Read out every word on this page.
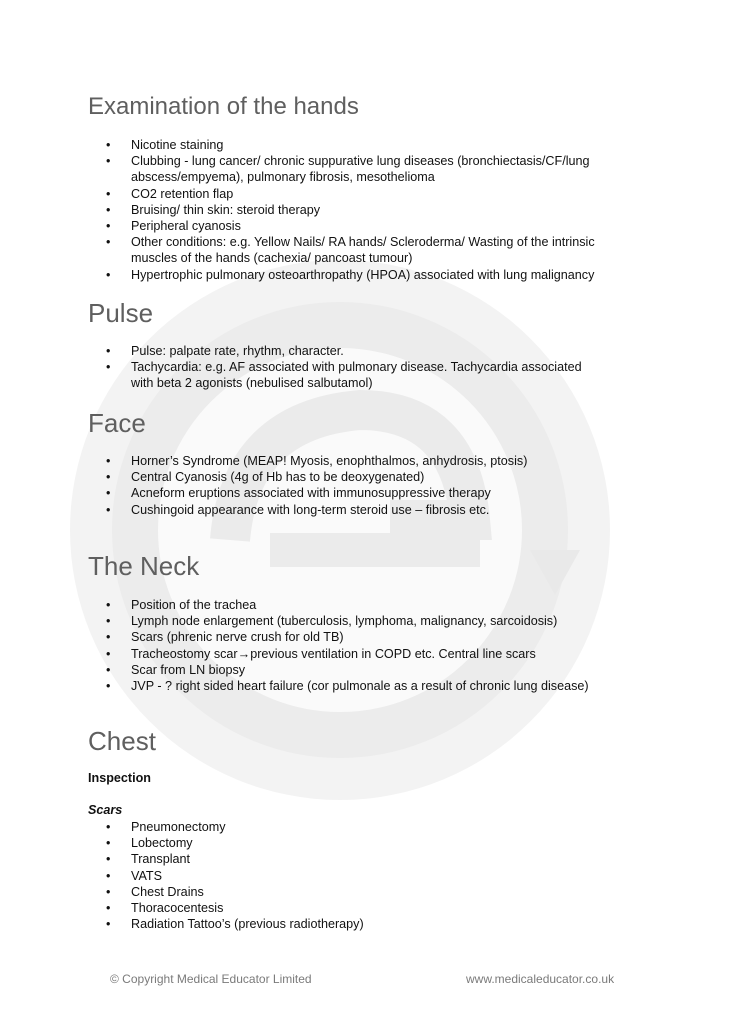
Examination of the hands
• Nicotine staining
• Clubbing - lung cancer/ chronic suppurative lung diseases (bronchiectasis/CF/lung
abscess/empyema), pulmonary fibrosis, mesothelioma
• CO2 retention flap
• Bruising/ thin skin: steroid therapy
• Peripheral cyanosis
• Other conditions: e.g. Yellow Nails/ RA hands/ Scleroderma/ Wasting of the intrinsic
muscles of the hands (cachexia/ pancoast tumour)
• Hypertrophic pulmonary osteoarthropathy (HPOA) associated with lung malignancy
Pulse
• Pulse: palpate rate, rhythm, character.
• Tachycardia: e.g. AF associated with pulmonary disease. Tachycardia associated
with beta 2 agonists (nebulised salbutamol)
Face
• Horner’s Syndrome (MEAP! Myosis, enophthalmos, anhydrosis, ptosis)
• Central Cyanosis (4g of Hb has to be deoxygenated)
• Acneform eruptions associated with immunosuppressive therapy
• Cushingoid appearance with long-term steroid use – fibrosis etc.
The Neck
• Position of the trachea
• Lymph node enlargement (tuberculosis, lymphoma, malignancy, sarcoidosis)
• Scars (phrenic nerve crush for old TB)
• Tracheostomy scar→previous ventilation in COPD etc. Central line scars
• Scar from LN biopsy
• JVP - ? right sided heart failure (cor pulmonale as a result of chronic lung disease)
Chest
Inspection
Scars
• Pneumonectomy
• Lobectomy
• Transplant
• VATS
• Chest Drains
• Thoracocentesis
• Radiation Tattoo’s (previous radiotherapy)
© Copyright Medical Educator Limited	www.medicaleducator.co.uk
